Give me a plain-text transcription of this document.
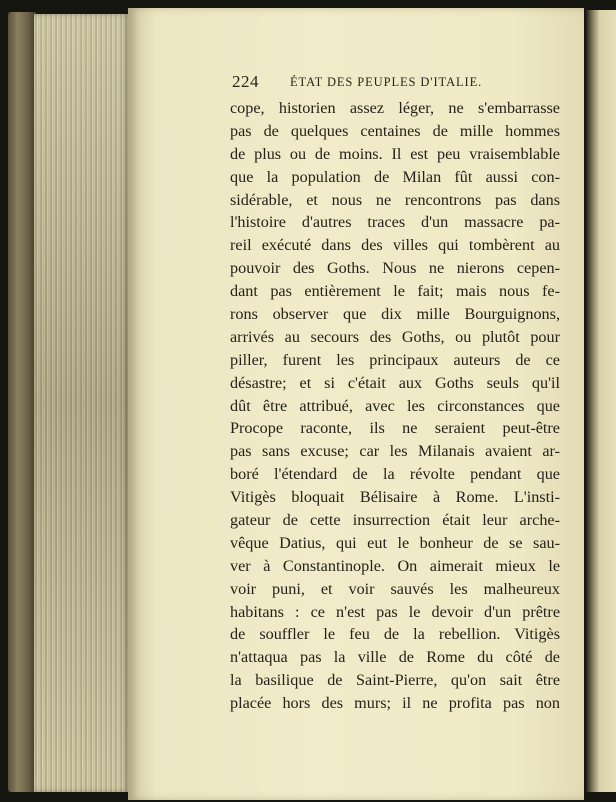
224 ÉTAT DES PEUPLES D'ITALIE.
cope, historien assez léger, ne s'embarrasse
pas de quelques centaines de mille hommes
de plus ou de moins. Il est peu vraisemblable
que la population de Milan fût aussi con-
sidérable, et nous ne rencontrons pas dans
l'histoire d'autres traces d'un massacre pa-
reil exécuté dans des villes qui tombèrent au
pouvoir des Goths. Nous ne nierons cepen-
dant pas entièrement le fait; mais nous fe-
rons observer que dix mille Bourguignons,
arrivés au secours des Goths, ou plutôt pour
piller, furent les principaux auteurs de ce
désastre; et si c'était aux Goths seuls qu'il
dût être attribué, avec les circonstances que
Procope raconte, ils ne seraient peut-être
pas sans excuse; car les Milanais avaient ar-
boré l'étendard de la révolte pendant que
Vitigès bloquait Bélisaire à Rome. L'insti-
gateur de cette insurrection était leur arche-
vêque Datius, qui eut le bonheur de se sau-
ver à Constantinople. On aimerait mieux le
voir puni, et voir sauvés les malheureux
habitans : ce n'est pas le devoir d'un prêtre
de souffler le feu de la rebellion. Vitigès
n'attaqua pas la ville de Rome du côté de
la basilique de Saint-Pierre, qu'on sait être
placée hors des murs; il ne profita pas non
